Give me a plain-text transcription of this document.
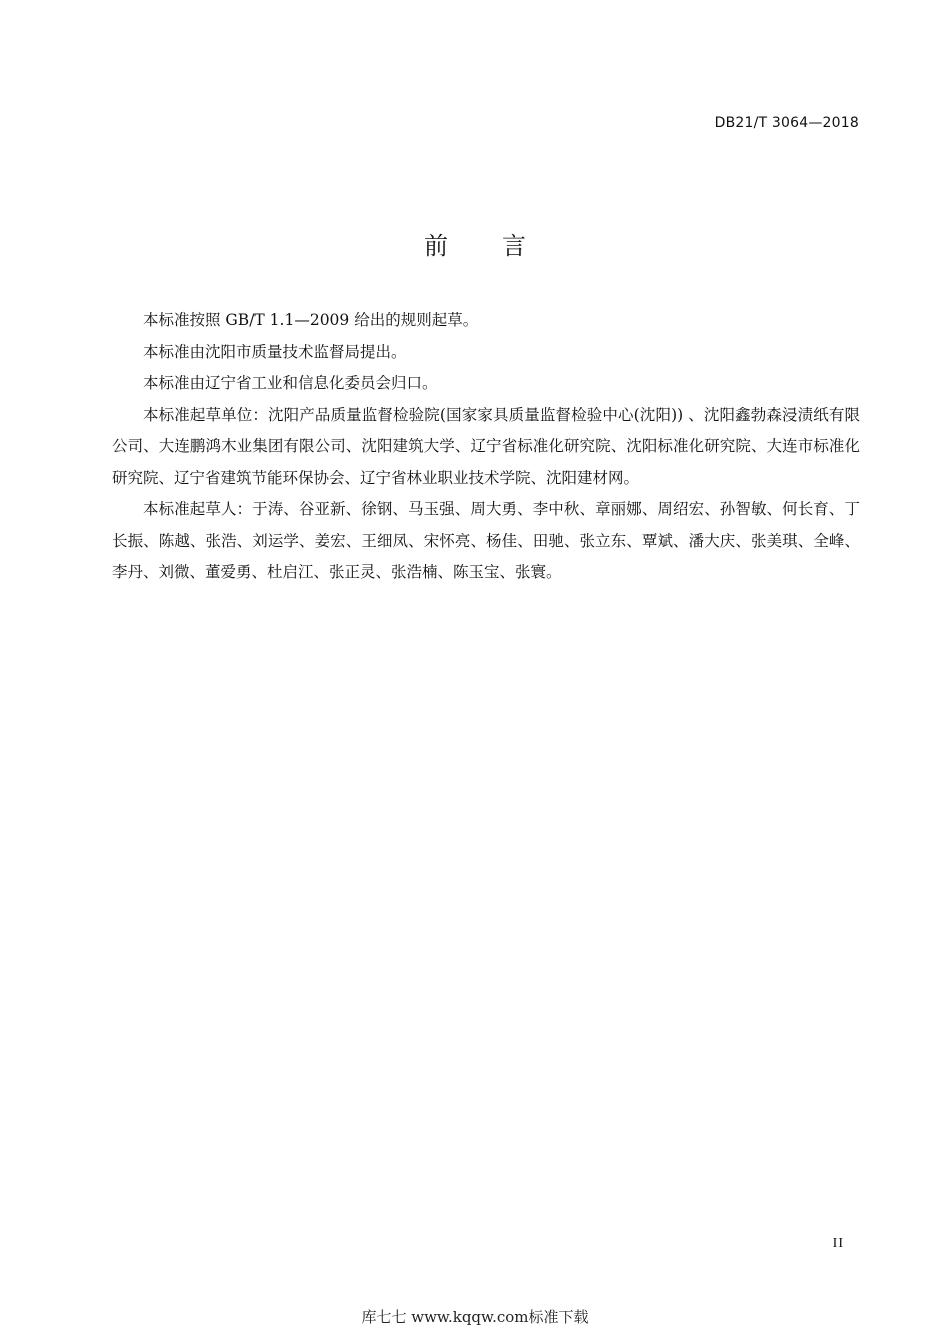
DB21/T 3064—2018
前言

本标准按照 GB/T 1.1—2009 给出的规则起草。

本标准由沈阳市质量技术监督局提出。

本标准由辽宁省工业和信息化委员会归口。

本标准起草单位：沈阳产品质量监督检验院(国家家具质量监督检验中心(沈阳)) 、沈阳鑫勃森浸渍纸有限公司、大连鹏鸿木业集团有限公司、沈阳建筑大学、辽宁省标准化研究院、沈阳标准化研究院、大连市标准化研究院、辽宁省建筑节能环保协会、辽宁省林业职业技术学院、沈阳建材网。

本标准起草人：于涛、谷亚新、徐钢、马玉强、周大勇、李中秋、章丽娜、周绍宏、孙智敏、何长育、丁长振、陈越、张浩、刘运学、姜宏、王细凤、宋怀亮、杨佳、田驰、张立东、覃斌、潘大庆、张美琪、全峰、李丹、刘微、董爱勇、杜启江、张正灵、张浩楠、陈玉宝、张寰。

II
库七七 www.kqqw.com标准下载
